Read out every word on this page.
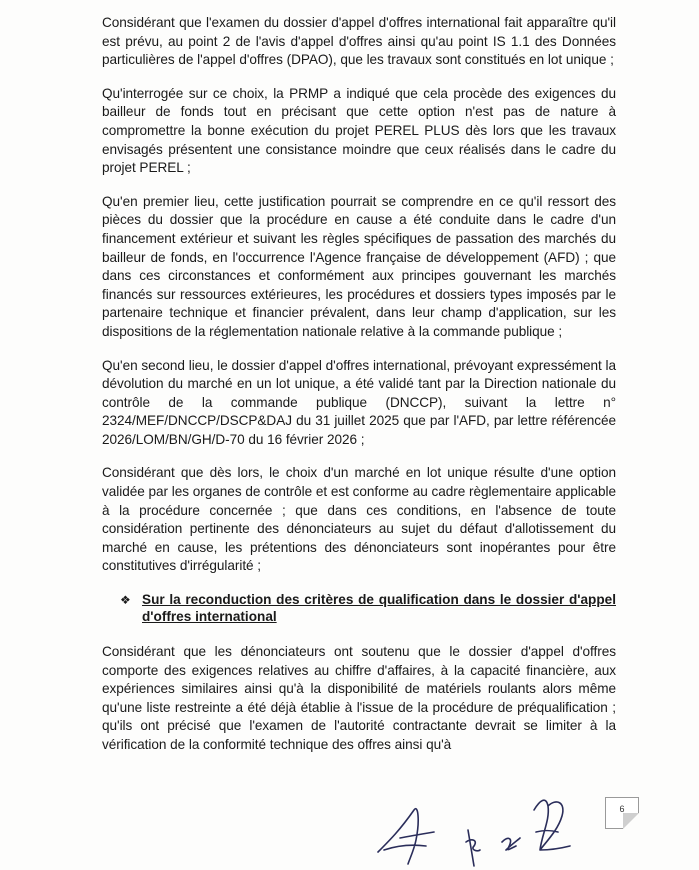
Considérant que l'examen du dossier d'appel d'offres international fait apparaître qu'il est prévu, au point 2 de l'avis d'appel d'offres ainsi qu'au point IS 1.1 des Données particulières de l'appel d'offres (DPAO), que les travaux sont constitués en lot unique ;

Qu'interrogée sur ce choix, la PRMP a indiqué que cela procède des exigences du bailleur de fonds tout en précisant que cette option n'est pas de nature à compromettre la bonne exécution du projet PEREL PLUS dès lors que les travaux envisagés présentent une consistance moindre que ceux réalisés dans le cadre du projet PEREL ;

Qu'en premier lieu, cette justification pourrait se comprendre en ce qu'il ressort des pièces du dossier que la procédure en cause a été conduite dans le cadre d'un financement extérieur et suivant les règles spécifiques de passation des marchés du bailleur de fonds, en l'occurrence l'Agence française de développement (AFD) ; que dans ces circonstances et conformément aux principes gouvernant les marchés financés sur ressources extérieures, les procédures et dossiers types imposés par le partenaire technique et financier prévalent, dans leur champ d'application, sur les dispositions de la réglementation nationale relative à la commande publique ;

Qu'en second lieu, le dossier d'appel d'offres international, prévoyant expressément la dévolution du marché en un lot unique, a été validé tant par la Direction nationale du contrôle de la commande publique (DNCCP), suivant la lettre n° 2324/MEF/DNCCP/DSCP&DAJ du 31 juillet 2025 que par l'AFD, par lettre référencée 2026/LOM/BN/GH/D-70 du 16 février 2026 ;

Considérant que dès lors, le choix d'un marché en lot unique résulte d'une option validée par les organes de contrôle et est conforme au cadre règlementaire applicable à la procédure concernée ; que dans ces conditions, en l'absence de toute considération pertinente des dénonciateurs au sujet du défaut d'allotissement du marché en cause, les prétentions des dénonciateurs sont inopérantes pour être constitutives d'irrégularité ;

❖ Sur la reconduction des critères de qualification dans le dossier d'appel d'offres international

Considérant que les dénonciateurs ont soutenu que le dossier d'appel d'offres comporte des exigences relatives au chiffre d'affaires, à la capacité financière, aux expériences similaires ainsi qu'à la disponibilité de matériels roulants alors même qu'une liste restreinte a été déjà établie à l'issue de la procédure de préqualification ; qu'ils ont précisé que l'examen de l'autorité contractante devrait se limiter à la vérification de la conformité technique des offres ainsi qu'à

6
